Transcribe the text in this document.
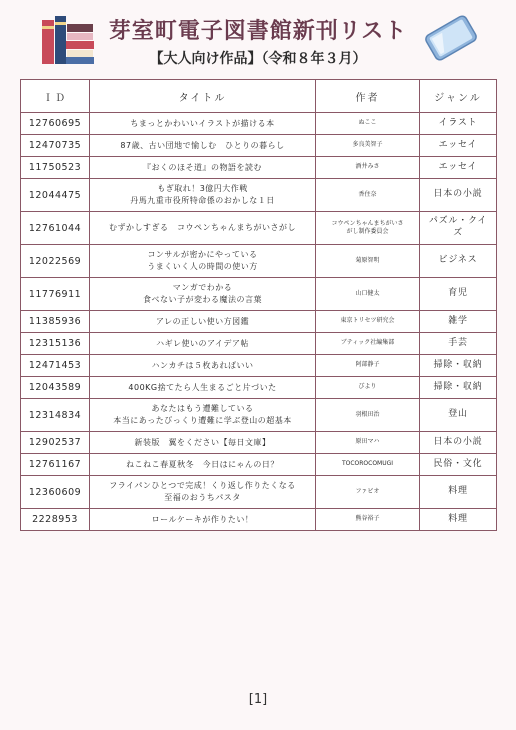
芽室町電子図書館新刊リスト
【大人向け作品】（令和８年３月）
ＩＤ	タイトル	作者	ジャンル
12760695	ちまっとかわいいイラストが描ける本	ぬここ	イラスト
12470735	87歳、古い団地で愉しむ　ひとりの暮らし	多良美智子	エッセイ
11750523	『おくのほそ道』の物語を読む	酒井みさ	エッセイ
12044475	もぎ取れ！3億円大作戦
丹馬九重市役所特命係のおかしな１日	香住奈	日本の小説
12761044	むずかしすぎる　コウペンちゃんまちがいさがし	コウペンちゃんまちがいさ
がし制作委員会	パズル・クイ
ズ
12022569	コンサルが密かにやっている
うまくいく人の時間の使い方	菊原智明	ビジネス
11776911	マンガでわかる
食べない子が変わる魔法の言葉	山口健太	育児
11385936	アレの正しい使い方図鑑	東京トリセツ研究会	雑学
12315136	ハギレ使いのアイデア帖	ブティック社編集部	手芸
12471453	ハンカチは５枚あればいい	阿部静子	掃除・収納
12043589	400KG捨てたら人生まるごと片づいた	びより	掃除・収納
12314834	あなたはもう遭難している
本当にあったびっくり遭難に学ぶ登山の超基本	羽根田治	登山
12902537	新装版　翼をください【毎日文庫】	原田マハ	日本の小説
12761167	ねこねこ春夏秋冬　今日はにゃんの日？	TOCOROCOMUGI	民俗・文化
12360609	フライパンひとつで完成！くり返し作りたくなる
至福のおうちパスタ	ファビオ	料理
2228953	ロールケーキが作りたい！	熊谷裕子	料理
[1]
